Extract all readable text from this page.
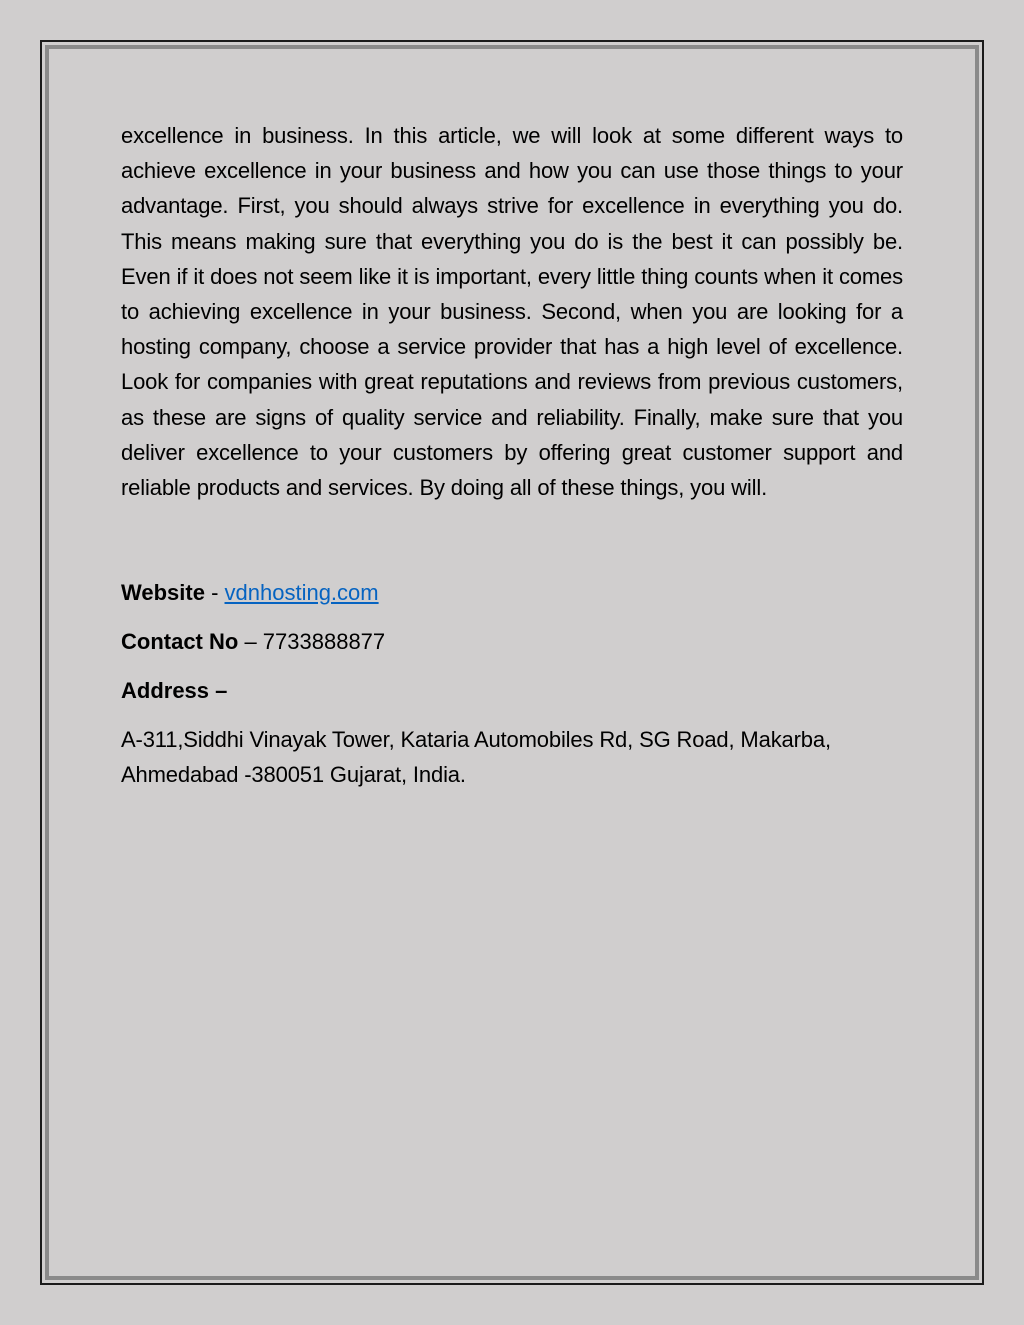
excellence in business. In this article, we will look at some different ways to achieve excellence in your business and how you can use those things to your advantage. First, you should always strive for excellence in everything you do. This means making sure that everything you do is the best it can possibly be. Even if it does not seem like it is important, every little thing counts when it comes to achieving excellence in your business. Second, when you are looking for a hosting company, choose a service provider that has a high level of excellence. Look for companies with great reputations and reviews from previous customers, as these are signs of quality service and reliability. Finally, make sure that you deliver excellence to your customers by offering great customer support and reliable products and services. By doing all of these things, you will.

Website - vdnhosting.com

Contact No – 7733888877

Address –

A-311,Siddhi Vinayak Tower, Kataria Automobiles Rd, SG Road, Makarba,
Ahmedabad -380051 Gujarat, India.
